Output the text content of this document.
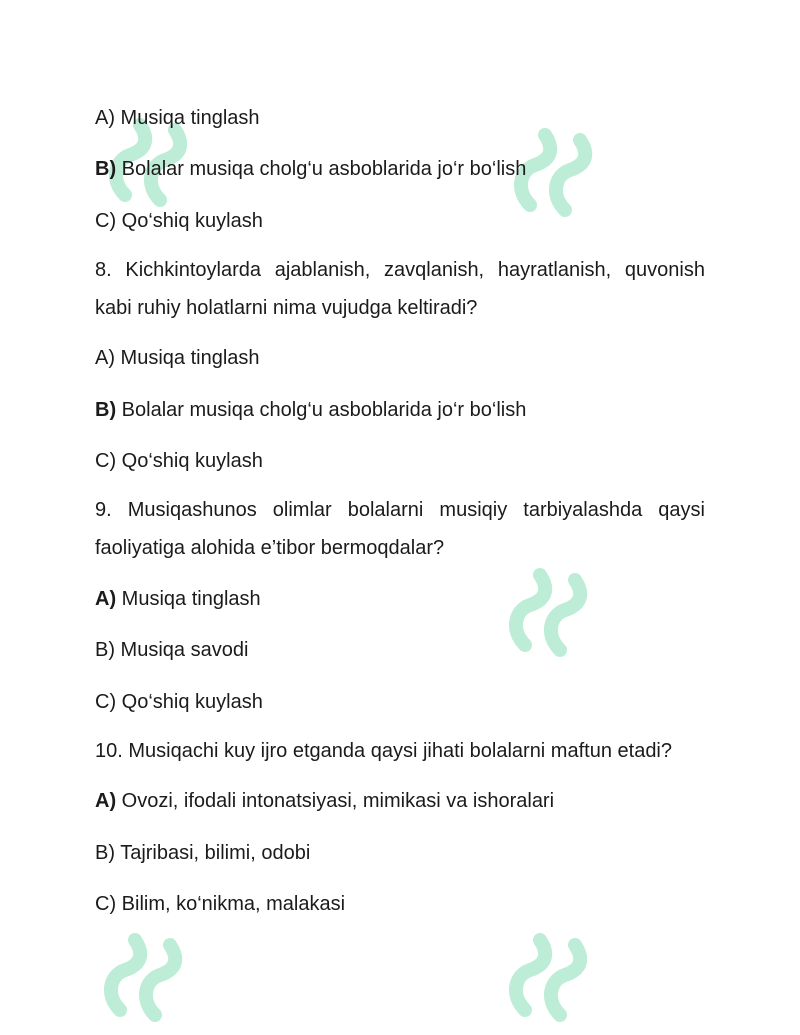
A) Musiqa tinglash
B) Bolalar musiqa cholg‘u asboblarida jo‘r bo‘lish
C) Qo‘shiq kuylash
8. Kichkintoylarda ajablanish, zavqlanish, hayratlanish, quvonish kabi ruhiy holatlarni nima vujudga keltiradi?
A) Musiqa tinglash
B) Bolalar musiqa cholg‘u asboblarida jo‘r bo‘lish
C) Qo‘shiq kuylash
9. Musiqashunos olimlar bolalarni musiqiy tarbiyalashda qaysi faoliyatiga alohida e’tibor bermoqdalar?
A) Musiqa tinglash
B) Musiqa savodi
C) Qo‘shiq kuylash
10. Musiqachi kuy ijro etganda qaysi jihati bolalarni maftun etadi?
A) Ovozi, ifodali intonatsiyasi, mimikasi va ishoralari
B) Tajribasi, bilimi, odobi
C) Bilim, ko‘nikma, malakasi
